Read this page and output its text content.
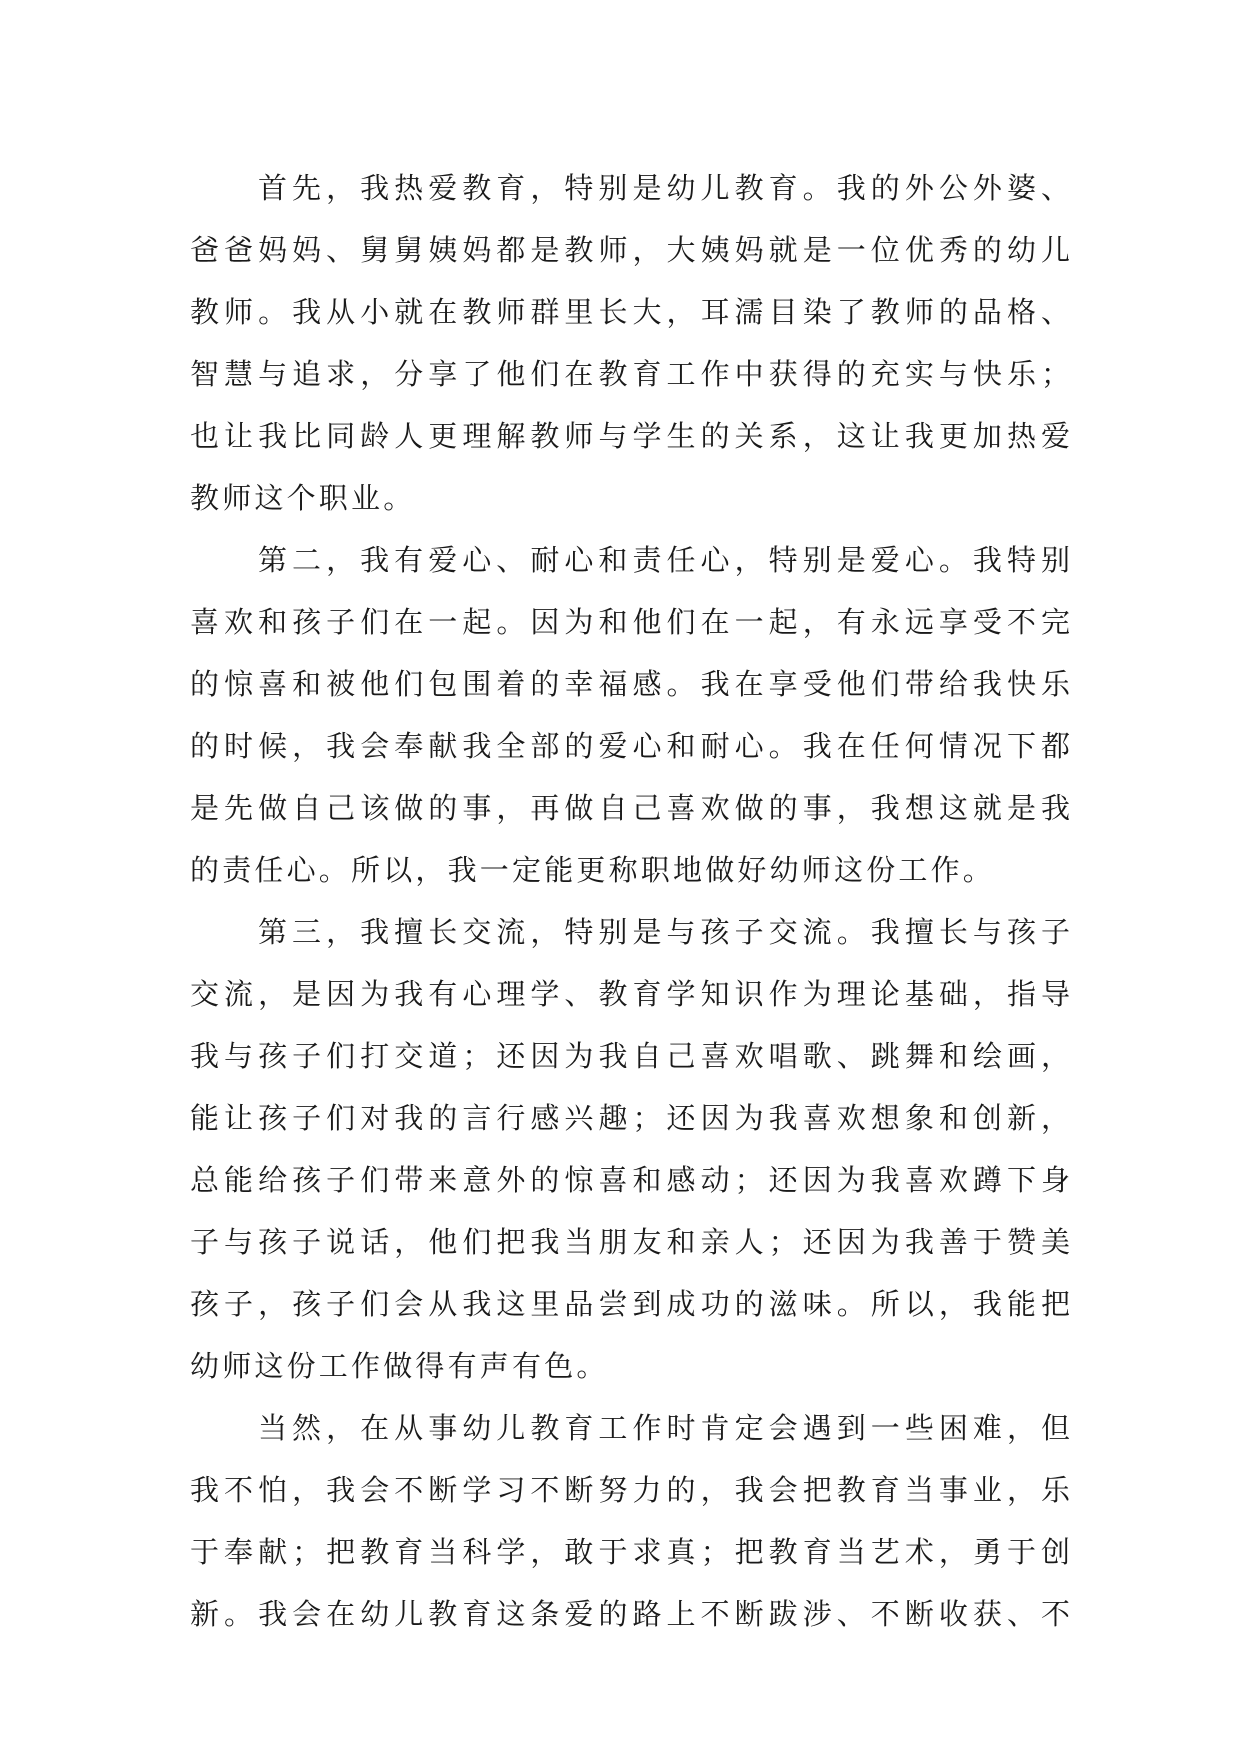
首先，我热爱教育，特别是幼儿教育。我的外公外婆、
爸爸妈妈、舅舅姨妈都是教师，大姨妈就是一位优秀的幼儿
教师。我从小就在教师群里长大，耳濡目染了教师的品格、
智慧与追求，分享了他们在教育工作中获得的充实与快乐；
也让我比同龄人更理解教师与学生的关系，这让我更加热爱
教师这个职业。
第二，我有爱心、耐心和责任心，特别是爱心。我特别
喜欢和孩子们在一起。因为和他们在一起，有永远享受不完
的惊喜和被他们包围着的幸福感。我在享受他们带给我快乐
的时候，我会奉献我全部的爱心和耐心。我在任何情况下都
是先做自己该做的事，再做自己喜欢做的事，我想这就是我
的责任心。所以，我一定能更称职地做好幼师这份工作。
第三，我擅长交流，特别是与孩子交流。我擅长与孩子
交流，是因为我有心理学、教育学知识作为理论基础，指导
我与孩子们打交道；还因为我自己喜欢唱歌、跳舞和绘画，
能让孩子们对我的言行感兴趣；还因为我喜欢想象和创新，
总能给孩子们带来意外的惊喜和感动；还因为我喜欢蹲下身
子与孩子说话，他们把我当朋友和亲人；还因为我善于赞美
孩子，孩子们会从我这里品尝到成功的滋味。所以，我能把
幼师这份工作做得有声有色。
当然，在从事幼儿教育工作时肯定会遇到一些困难，但
我不怕，我会不断学习不断努力的，我会把教育当事业，乐
于奉献；把教育当科学，敢于求真；把教育当艺术，勇于创
新。我会在幼儿教育这条爱的路上不断跋涉、不断收获、不
